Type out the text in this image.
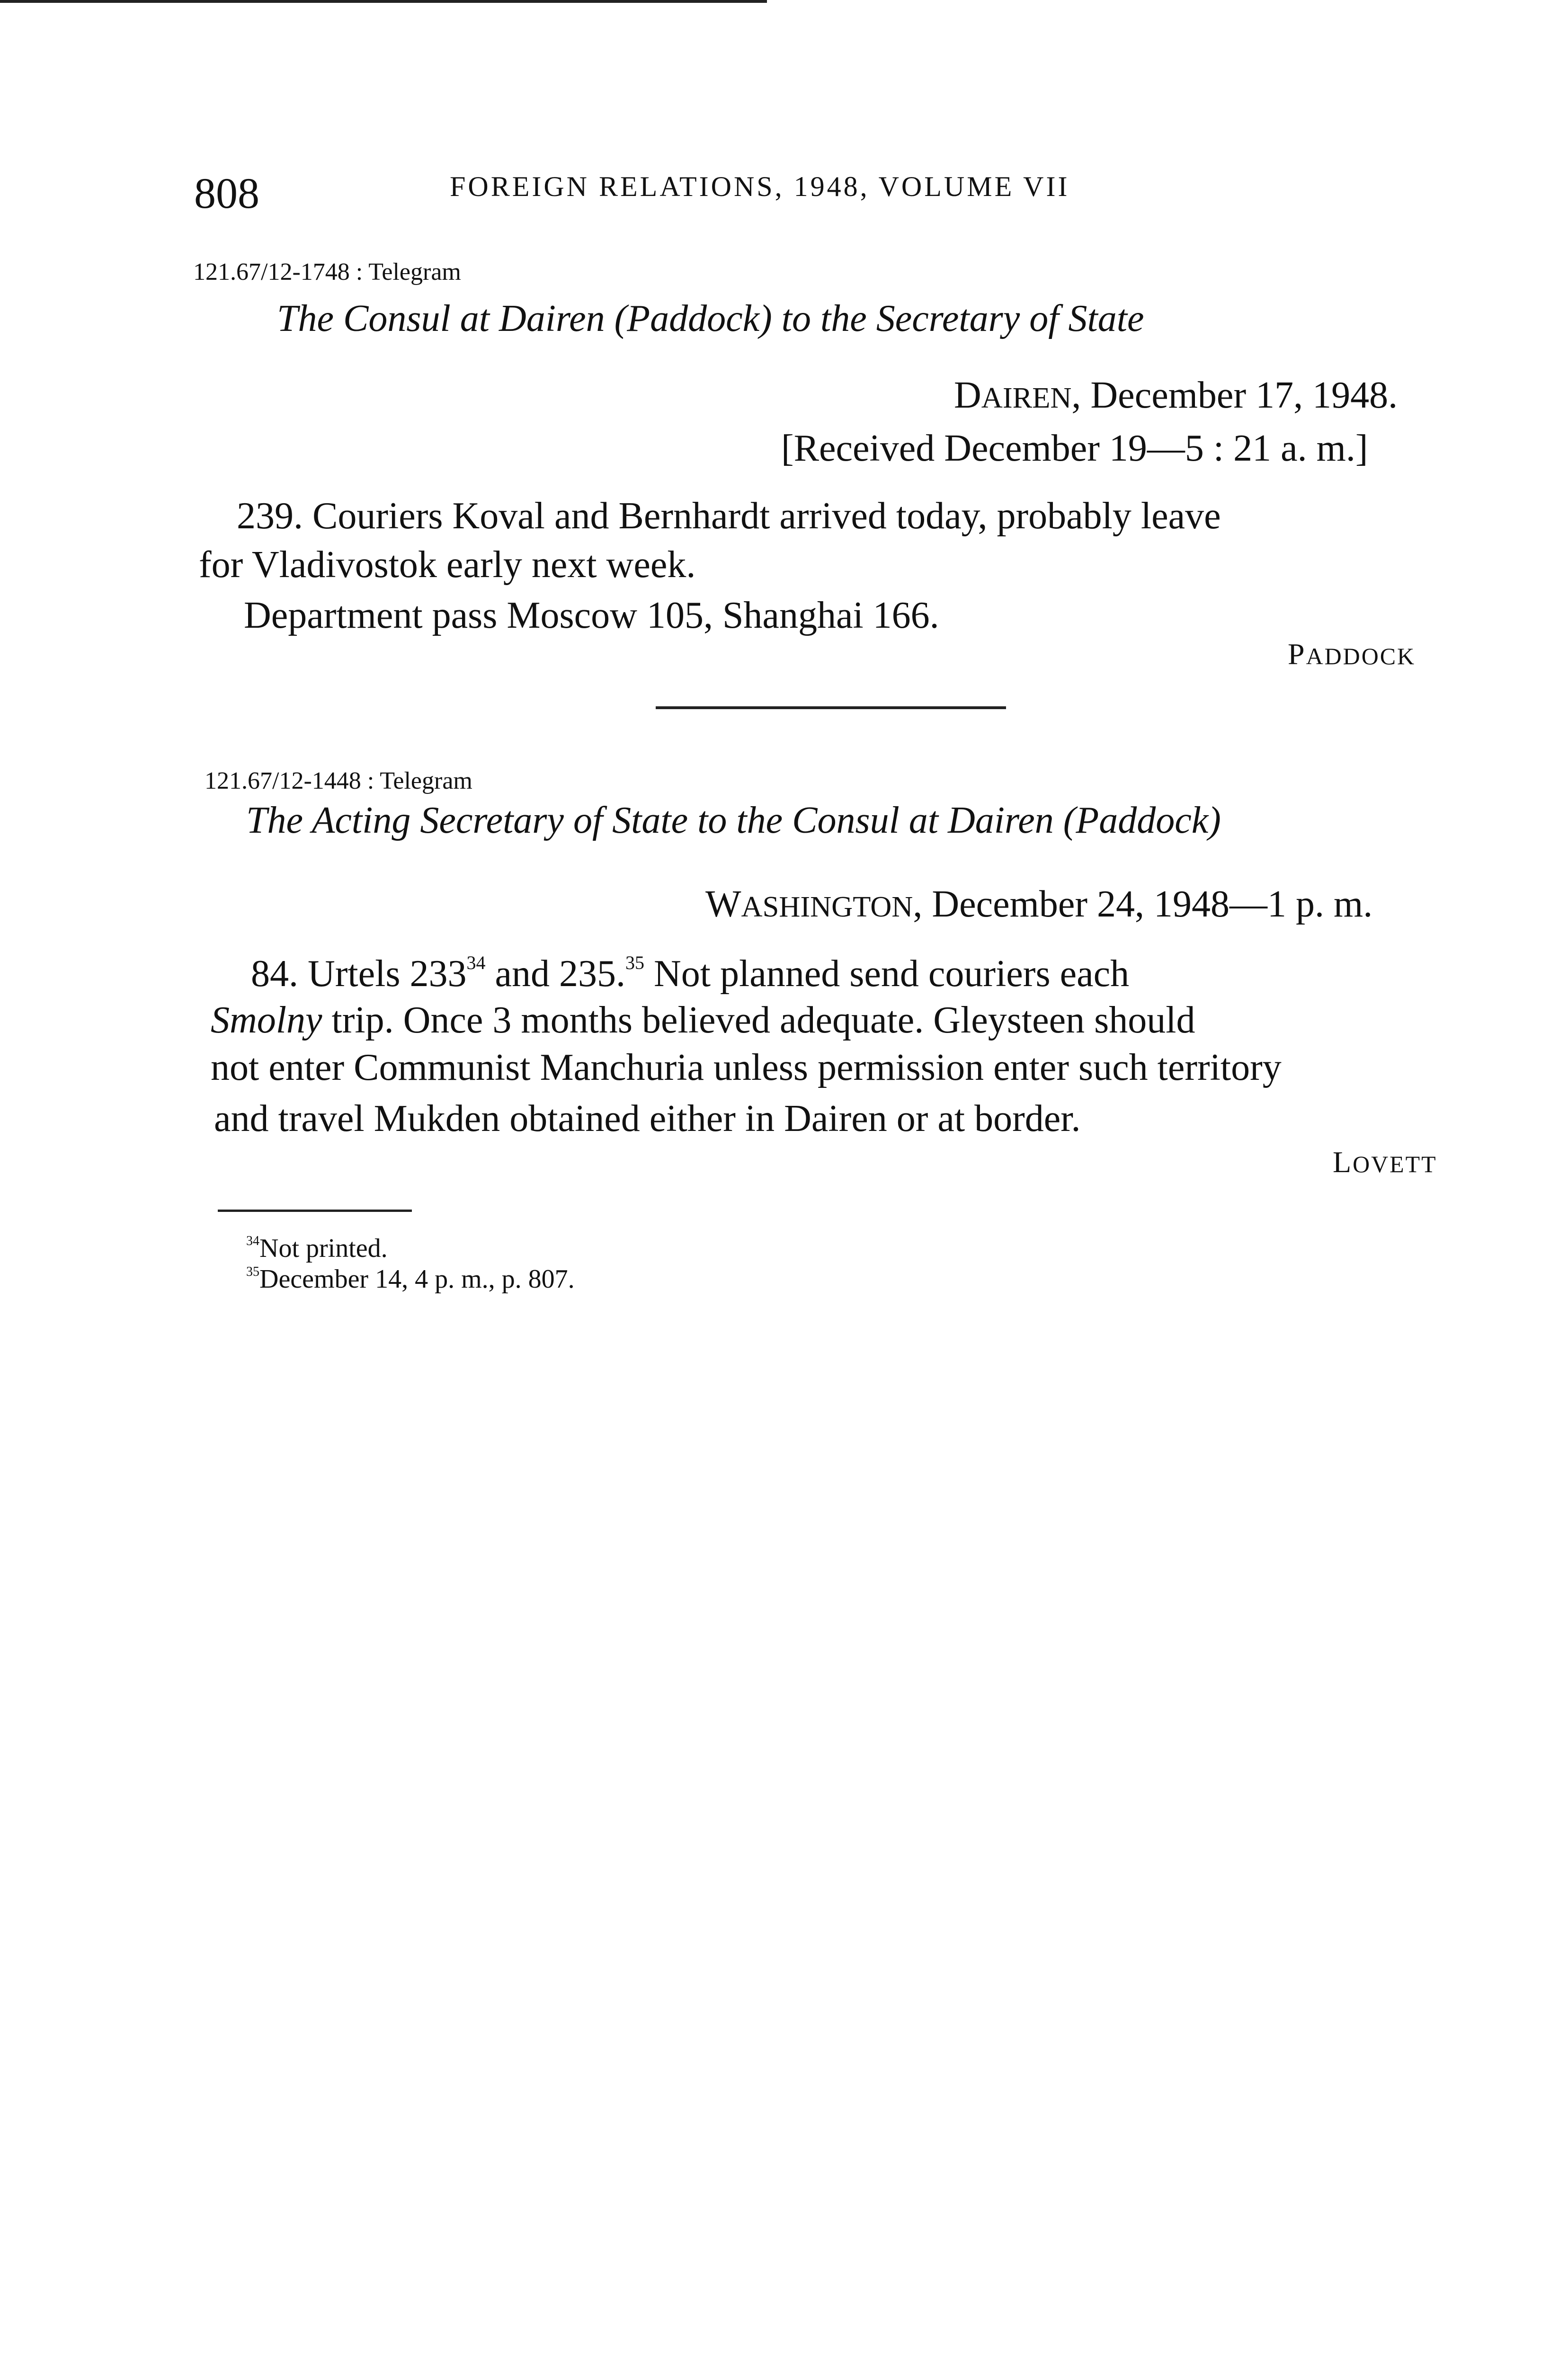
808	FOREIGN RELATIONS, 1948, VOLUME VII
121.67/12-1748 : Telegram
The Consul at Dairen (Paddock) to the Secretary of State
DAIREN, December 17, 1948.
[Received December 19—5 : 21 a. m.]
239. Couriers Koval and Bernhardt arrived today, probably leave
for Vladivostok early next week.
Department pass Moscow 105, Shanghai 166.
PADDOCK
121.67/12-1448 : Telegram
The Acting Secretary of State to the Consul at Dairen (Paddock)
WASHINGTON, December 24, 1948—1 p. m.
84. Urtels $233^{34}$ and 235.35 Not planned send couriers each
Smolny trip. Once 3 months believed adequate. Gleysteen should
not enter Communist Manchuria unless permission enter such territory
and travel Mukden obtained either in Dairen or at border.
LOVETT
$^{34}$Not printed.
$^{35}$December 14, 4 p. m., p. 807.
